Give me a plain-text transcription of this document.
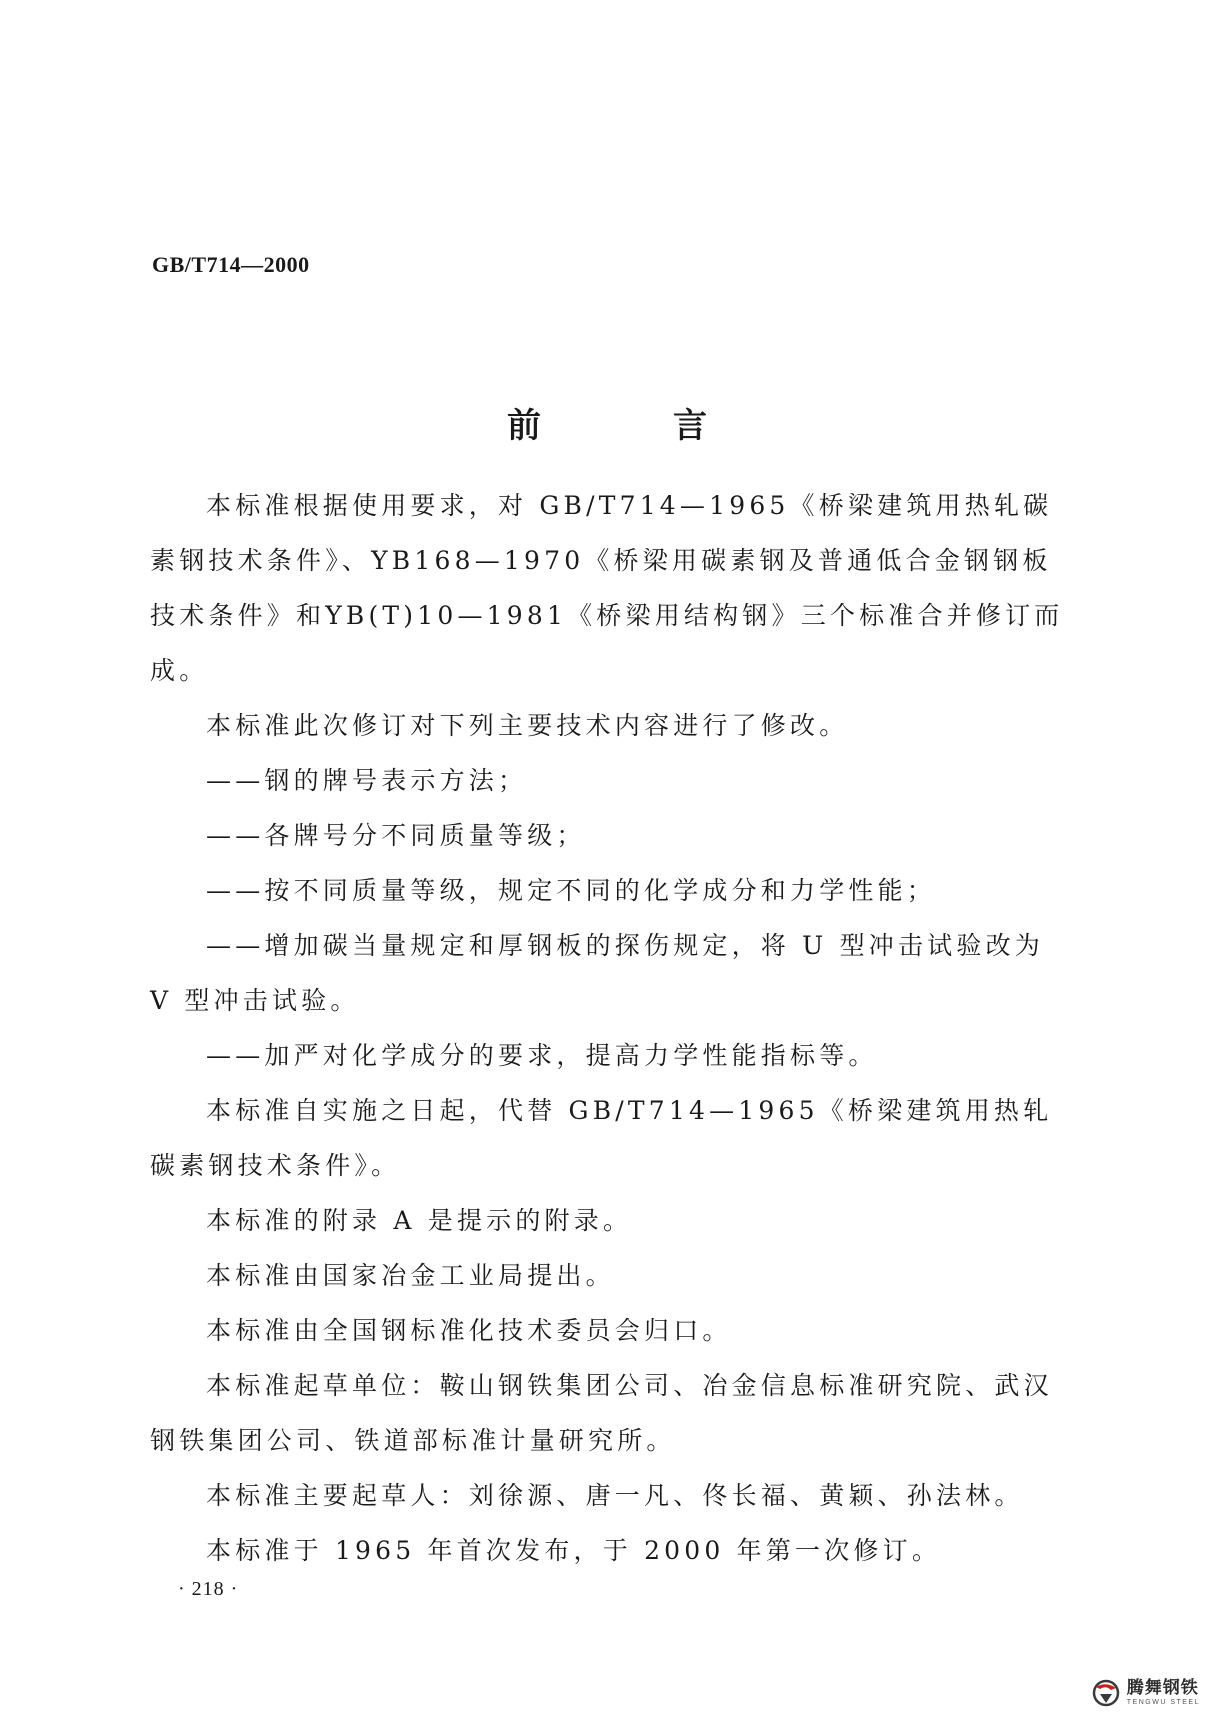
GB/T714—2000
前	言

本标准根据使用要求，对 GB/T714—1965《桥梁建筑用热轧碳素钢技术条件》、YB168—1970《桥梁用碳素钢及普通低合金钢钢板技术条件》和YB(T)10—1981《桥梁用结构钢》三个标准合并修订而成。

本标准此次修订对下列主要技术内容进行了修改。

——钢的牌号表示方法；

——各牌号分不同质量等级；

——按不同质量等级，规定不同的化学成分和力学性能；

——增加碳当量规定和厚钢板的探伤规定，将 U 型冲击试验改为 V 型冲击试验。

——加严对化学成分的要求，提高力学性能指标等。

本标准自实施之日起，代替 GB/T714—1965《桥梁建筑用热轧碳素钢技术条件》。

本标准的附录 A 是提示的附录。

本标准由国家冶金工业局提出。

本标准由全国钢标准化技术委员会归口。

本标准起草单位：鞍山钢铁集团公司、冶金信息标准研究院、武汉钢铁集团公司、铁道部标准计量研究所。

本标准主要起草人：刘徐源、唐一凡、佟长福、黄颖、孙法林。

本标准于 1965 年首次发布，于 2000 年第一次修订。

· 218 ·
腾舞钢铁
TENGWU STEEL
